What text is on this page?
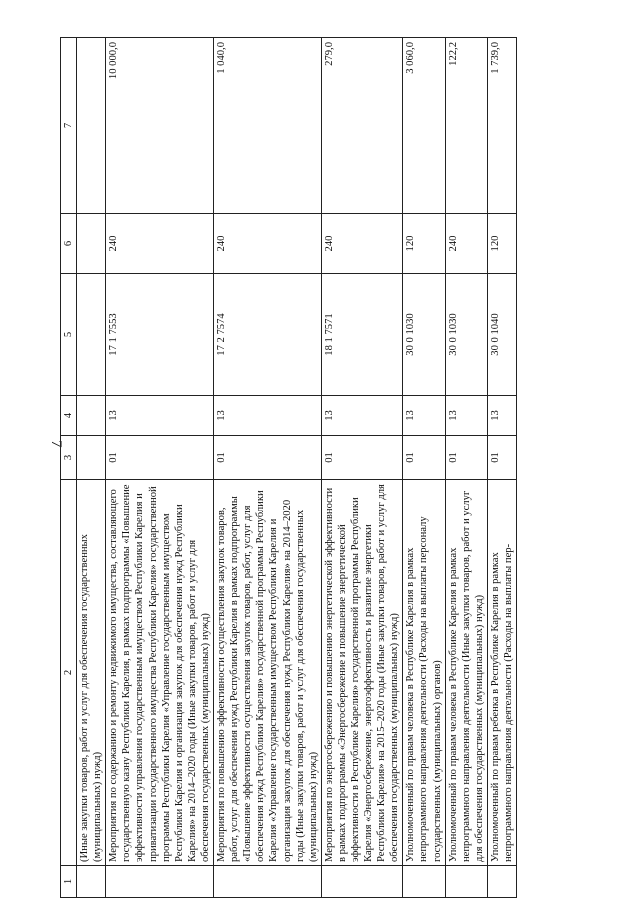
7
1	2	3	4	5	6	7
	(Иные закупки товаров, работ и услуг для обеспечения государственных (муниципальных) нужд)					
	Мероприятия по содержанию и ремонту недвижимого имущества, составляющего государственную казну Республики Карелия, в рамках подпрограммы «Повышение эффективности управления государственным имуществом Республики Карелия и приватизации государственного имущества Республики Карелия» государственной программы Республики Карелия «Управление государственным имуществом Республики Карелия и организация закупок для обеспечения нужд Республики Карелия» на 2014–2020 годы (Иные закупки товаров, работ и услуг для обеспечения государственных (муниципальных) нужд)	01	13	17 1 7553	240	10 000,0
	Мероприятия по повышению эффективности осуществления закупок товаров, работ, услуг для обеспечения нужд Республики Карелия в рамках подпрограммы «Повышение эффективности осуществления закупок товаров, работ, услуг для обеспечения нужд Республики Карелия» государственной программы Республики Карелия «Управление государственным имуществом Республики Карелия и организация закупок для обеспечения нужд Республики Карелия» на 2014–2020 годы (Иные закупки товаров, работ и услуг для обеспечения государственных (муниципальных) нужд)	01	13	17 2 7574	240	1 040,0
	Мероприятия по энергосбережению и повышению энергетической эффективности в рамках подпрограммы «Энергосбережение и повышение энергетической эффективности в Республике Карелия» государственной программы Республики Карелия «Энергосбережение, энергоэффективность и развитие энергетики Республики Карелия» на 2015–2020 годы (Иные закупки товаров, работ и услуг для обеспечения государственных (муниципальных) нужд)	01	13	18 1 7571	240	279,0
	Уполномоченный по правам человека в Республике Карелия в рамках непрограммного направления деятельности (Расходы на выплаты персоналу государственных (муниципальных) органов)	01	13	30 0 1030	120	3 060,0
	Уполномоченный по правам человека в Республике Карелия в рамках непрограммного направления деятельности (Иные закупки товаров, работ и услуг для обеспечения государственных (муниципальных) нужд)	01	13	30 0 1030	240	122,2
	Уполномоченный по правам ребенка в Республике Карелия в рамках непрограммного направления деятельности (Расходы на выплаты пер-	01	13	30 0 1040	120	1 739,0
